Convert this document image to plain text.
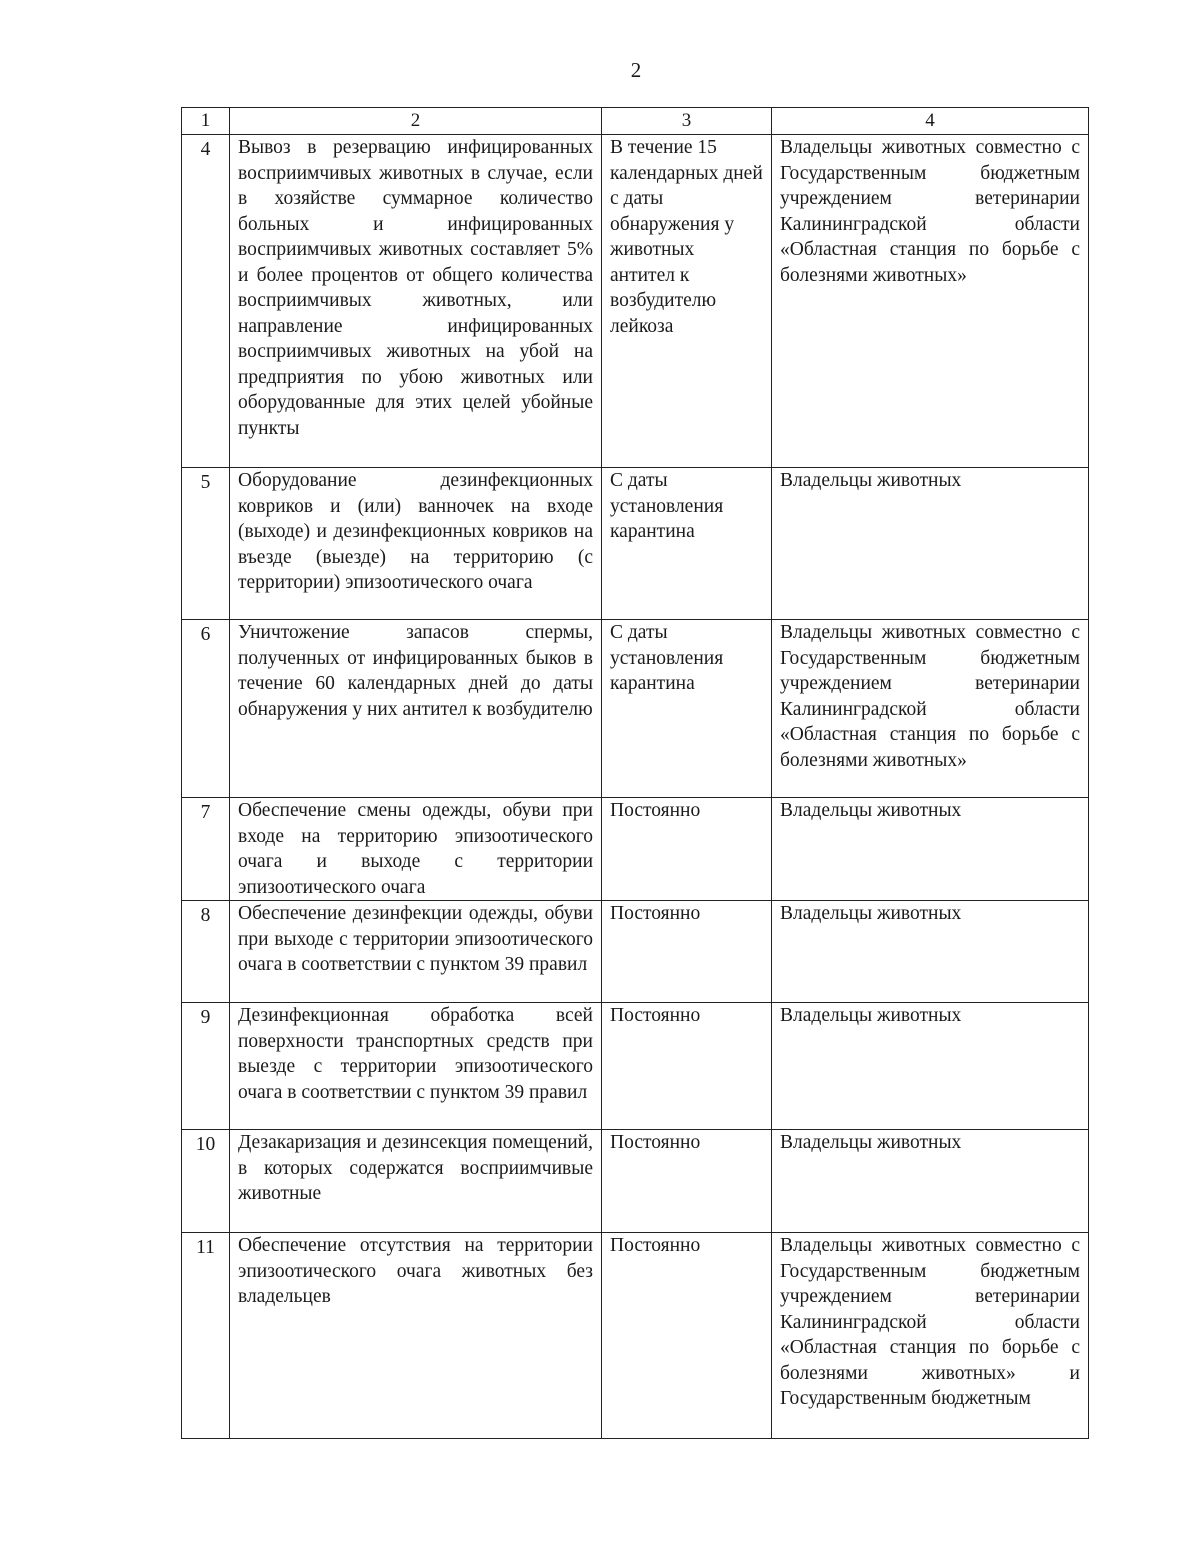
2
1	2	3	4
4	Вывоз в резервацию инфицированных восприимчивых животных в случае, если в хозяйстве суммарное количество больных и инфицированных восприимчивых животных составляет 5% и более процентов от общего количества восприимчивых животных, или направление инфицированных восприимчивых животных на убой на предприятия по убою животных или оборудованные для этих целей убойные пункты	В течение 15 календарных дней с даты обнаружения у животных антител к возбудителю лейкоза	Владельцы животных совместно с Государственным бюджетным учреждением ветеринарии Калининградской области «Областная станция по борьбе с болезнями животных»
5	Оборудование дезинфекционных ковриков и (или) ванночек на входе (выходе) и дезинфекционных ковриков на въезде (выезде) на территорию (с территории) эпизоотического очага	С даты установления карантина	Владельцы животных
6	Уничтожение запасов спермы, полученных от инфицированных быков в течение 60 календарных дней до даты обнаружения у них антител к возбудителю	С даты установления карантина	Владельцы животных совместно с Государственным бюджетным учреждением ветеринарии Калининградской области «Областная станция по борьбе с болезнями животных»
7	Обеспечение смены одежды, обуви при входе на территорию эпизоотического очага и выходе с территории эпизоотического очага	Постоянно	Владельцы животных
8	Обеспечение дезинфекции одежды, обуви при выходе с территории эпизоотического очага в соответствии с пунктом 39 правил	Постоянно	Владельцы животных
9	Дезинфекционная обработка всей поверхности транспортных средств при выезде с территории эпизоотического очага в соответствии с пунктом 39 правил	Постоянно	Владельцы животных
10	Дезакаризация и дезинсекция помещений, в которых содержатся восприимчивые животные	Постоянно	Владельцы животных
11	Обеспечение отсутствия на территории эпизоотического очага животных без владельцев	Постоянно	Владельцы животных совместно с Государственным бюджетным учреждением ветеринарии Калининградской области «Областная станция по борьбе с болезнями животных» и Государственным бюджетным
